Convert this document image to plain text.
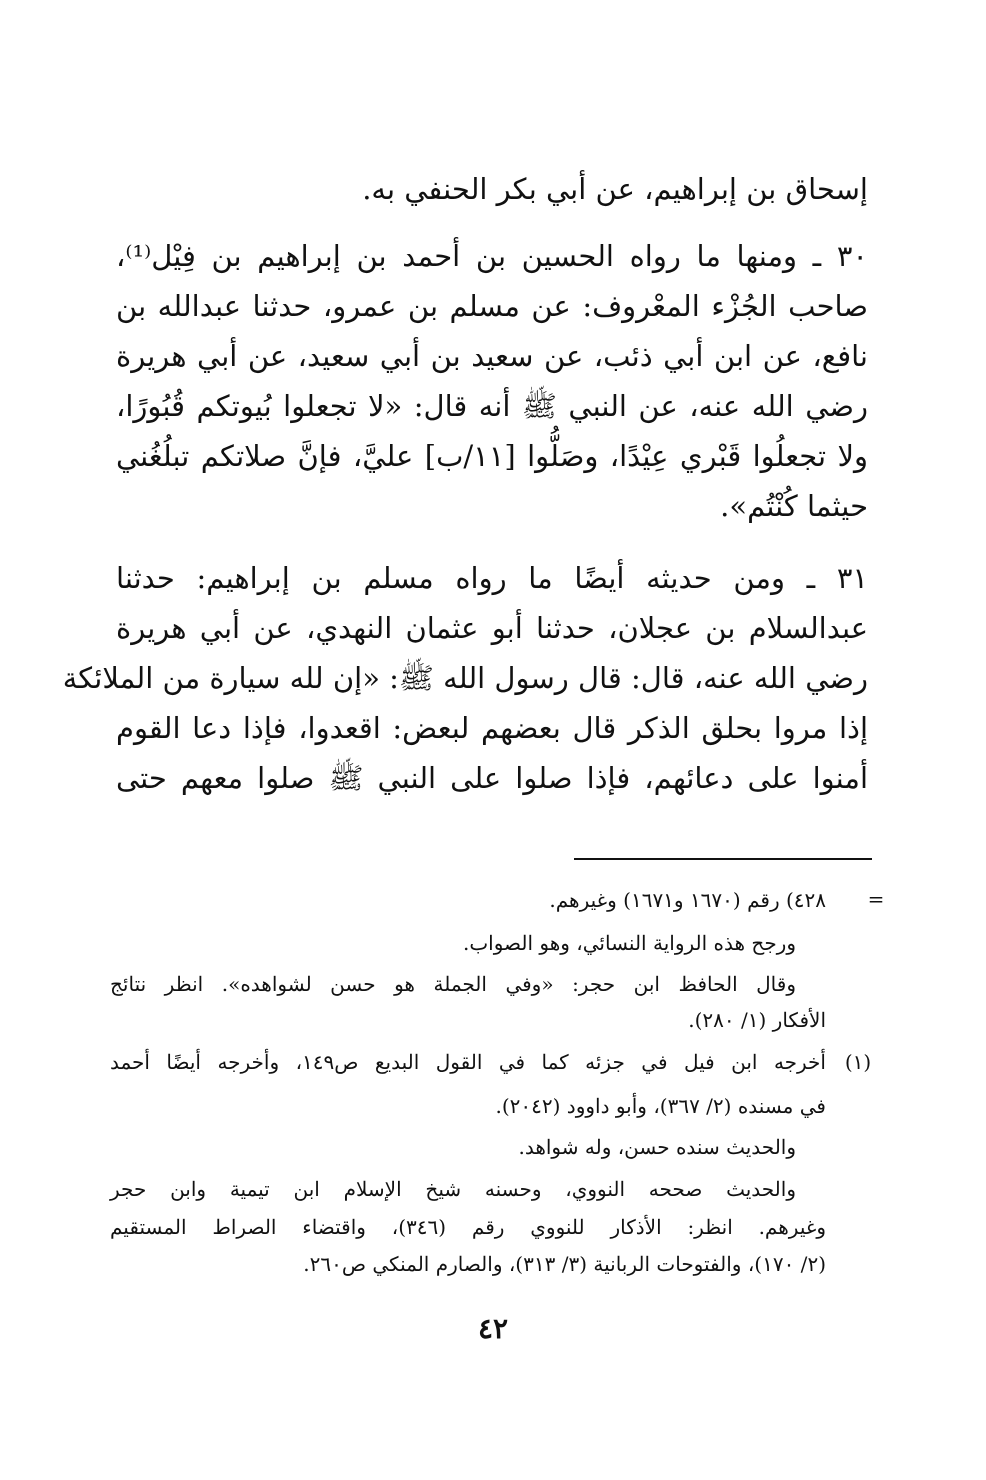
إسحاق بن إبراهيم، عن أبي بكر الحنفي به.
٣٠ ـ ومنها ما رواه الحسين بن أحمد بن إبراهيم بن فِيْل⁽¹⁾،
صاحب الجُزْء المعْروف: عن مسلم بن عمرو، حدثنا عبدالله بن
نافع، عن ابن أبي ذئب، عن سعيد بن أبي سعيد، عن أبي هريرة
رضي الله عنه، عن النبي ﷺ أنه قال: «لا تجعلوا بُيوتكم قُبُورًا،
ولا تجعلُوا قَبْري عِيْدًا، وصَلُّوا [١١/ب] عليَّ، فإنَّ صلاتكم تبلُغُني
حيثما كُنْتُم».
٣١ ـ ومن حديثه أيضًا ما رواه مسلم بن إبراهيم: حدثنا
عبدالسلام بن عجلان، حدثنا أبو عثمان النهدي، عن أبي هريرة
رضي الله عنه، قال: قال رسول الله ﷺ: «إن لله سيارة من الملائكة
إذا مروا بحلق الذكر قال بعضهم لبعض: اقعدوا، فإذا دعا القوم
أمنوا على دعائهم، فإذا صلوا على النبي ﷺ صلوا معهم حتى
=
٤٢٨) رقم (١٦٧٠ و١٦٧١) وغيرهم.
ورجح هذه الرواية النسائي، وهو الصواب.
وقال الحافظ ابن حجر: «وفي الجملة هو حسن لشواهده». انظر نتائج
الأفكار (١/ ٢٨٠).
(١)
أخرجه ابن فيل في جزئه كما في القول البديع ص١٤٩، وأخرجه أيضًا أحمد
في مسنده (٢/ ٣٦٧)، وأبو داوود (٢٠٤٢).
والحديث سنده حسن، وله شواهد.
والحديث صححه النووي، وحسنه شيخ الإسلام ابن تيمية وابن حجر
وغيرهم. انظر: الأذكار للنووي رقم (٣٤٦)، واقتضاء الصراط المستقيم
(٢/ ١٧٠)، والفتوحات الربانية (٣/ ٣١٣)، والصارم المنكي ص٢٦٠.
٤٢
